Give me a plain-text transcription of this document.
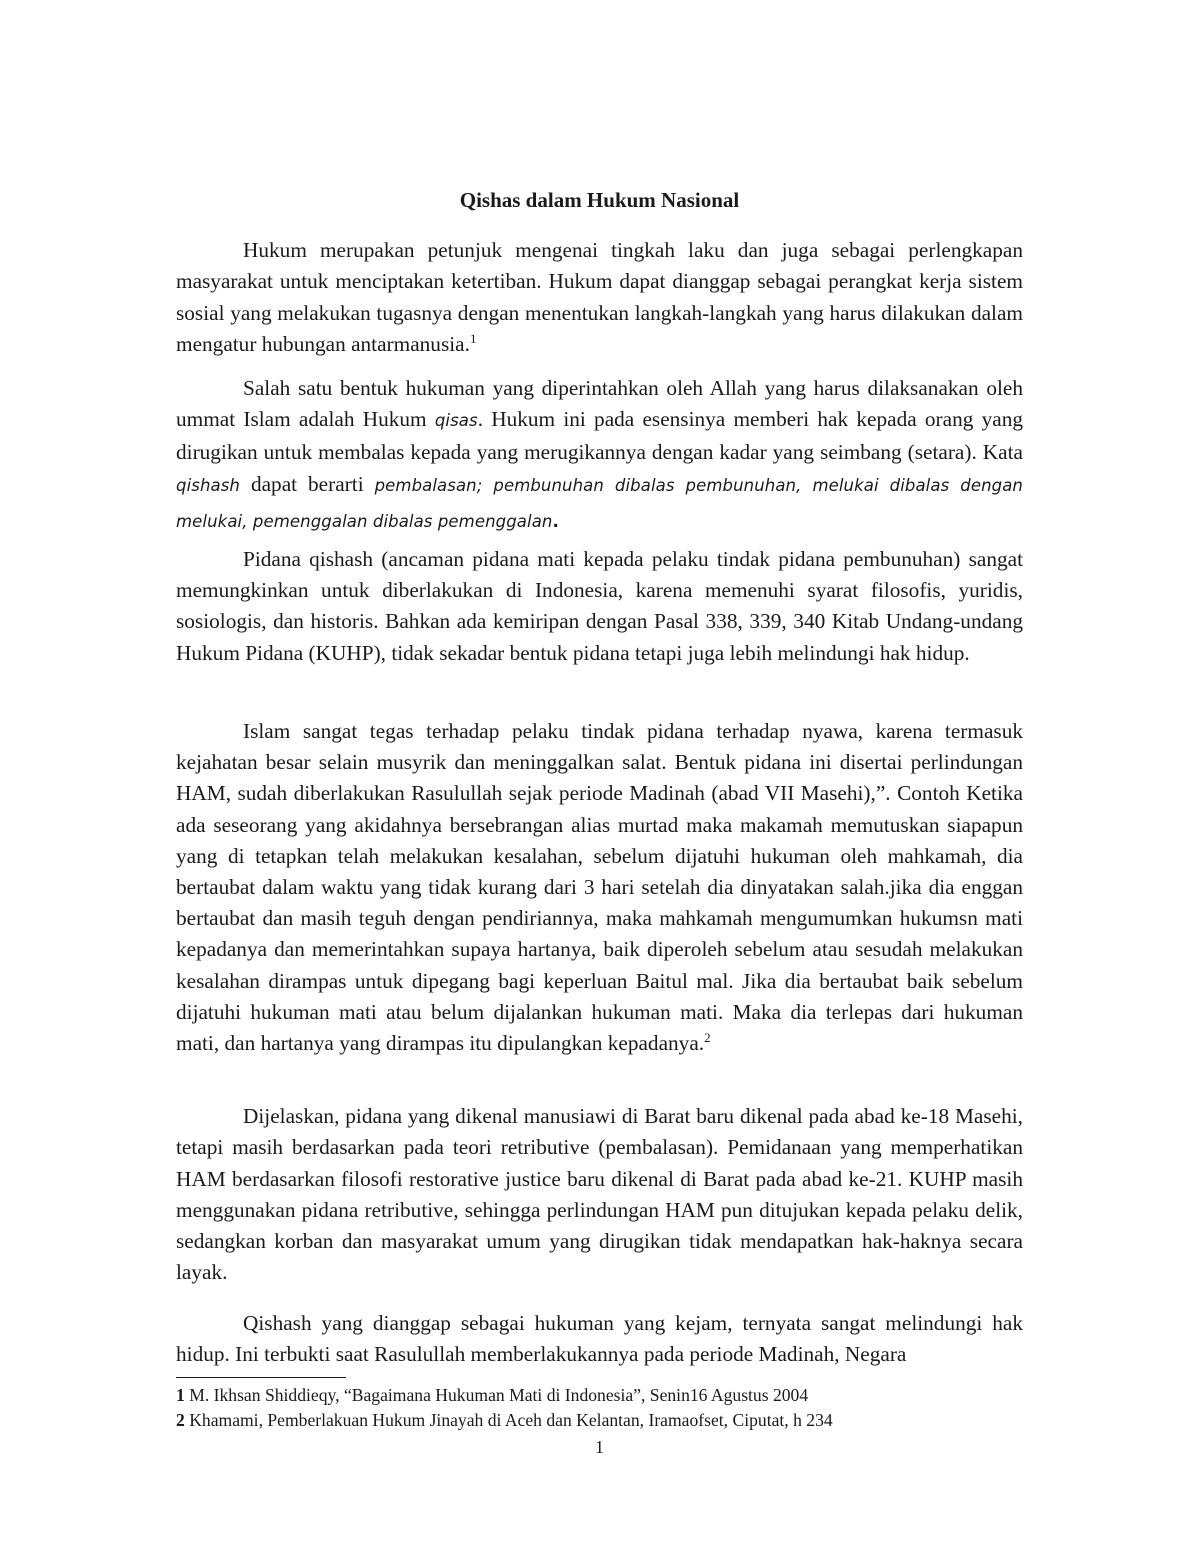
Qishas dalam Hukum Nasional

Hukum merupakan petunjuk mengenai tingkah laku dan juga sebagai perlengkapan masyarakat untuk menciptakan ketertiban. Hukum dapat dianggap sebagai perangkat kerja sistem sosial yang melakukan tugasnya dengan menentukan langkah-langkah yang harus dilakukan dalam mengatur hubungan antarmanusia.$^1$

Salah satu bentuk hukuman yang diperintahkan oleh Allah yang harus dilaksanakan oleh ummat Islam adalah Hukum qisas. Hukum ini pada esensinya memberi hak kepada orang yang dirugikan untuk membalas kepada yang merugikannya dengan kadar yang seimbang (setara). Kata qishash dapat berarti pembalasan; pembunuhan dibalas pembunuhan, melukai dibalas dengan melukai, pemenggalan dibalas pemenggalan.

Pidana qishash (ancaman pidana mati kepada pelaku tindak pidana pembunuhan) sangat memungkinkan untuk diberlakukan di Indonesia, karena memenuhi syarat filosofis, yuridis, sosiologis, dan historis. Bahkan ada kemiripan dengan Pasal 338, 339, 340 Kitab Undang-undang Hukum Pidana (KUHP), tidak sekadar bentuk pidana tetapi juga lebih melindungi hak hidup.

Islam sangat tegas terhadap pelaku tindak pidana terhadap nyawa, karena termasuk kejahatan besar selain musyrik dan meninggalkan salat. Bentuk pidana ini disertai perlindungan HAM, sudah diberlakukan Rasulullah sejak periode Madinah (abad VII Masehi),”. Contoh Ketika ada seseorang yang akidahnya bersebrangan alias murtad maka makamah memutuskan siapapun yang di tetapkan telah melakukan kesalahan, sebelum dijatuhi hukuman oleh mahkamah, dia bertaubat dalam waktu yang tidak kurang dari 3 hari setelah dia dinyatakan salah.jika dia enggan bertaubat dan masih teguh dengan pendiriannya, maka mahkamah mengumumkan hukumsn mati kepadanya dan memerintahkan supaya hartanya, baik diperoleh sebelum atau sesudah melakukan kesalahan dirampas untuk dipegang bagi keperluan Baitul mal. Jika dia bertaubat baik sebelum dijatuhi hukuman mati atau belum dijalankan hukuman mati. Maka dia terlepas dari hukuman mati, dan hartanya yang dirampas itu dipulangkan kepadanya.$^2$

Dijelaskan, pidana yang dikenal manusiawi di Barat baru dikenal pada abad ke-18 Masehi, tetapi masih berdasarkan pada teori retributive (pembalasan). Pemidanaan yang memperhatikan HAM berdasarkan filosofi restorative justice baru dikenal di Barat pada abad ke-21. KUHP masih menggunakan pidana retributive, sehingga perlindungan HAM pun ditujukan kepada pelaku delik, sedangkan korban dan masyarakat umum yang dirugikan tidak mendapatkan hak-haknya secara layak.

Qishash yang dianggap sebagai hukuman yang kejam, ternyata sangat melindungi hak hidup. Ini terbukti saat Rasulullah memberlakukannya pada periode Madinah, Negara

1 M. Ikhsan Shiddieqy, “Bagaimana Hukuman Mati di Indonesia”, Senin16 Agustus 2004
2 Khamami, Pemberlakuan Hukum Jinayah di Aceh dan Kelantan, Iramaofset, Ciputat, h 234
1
